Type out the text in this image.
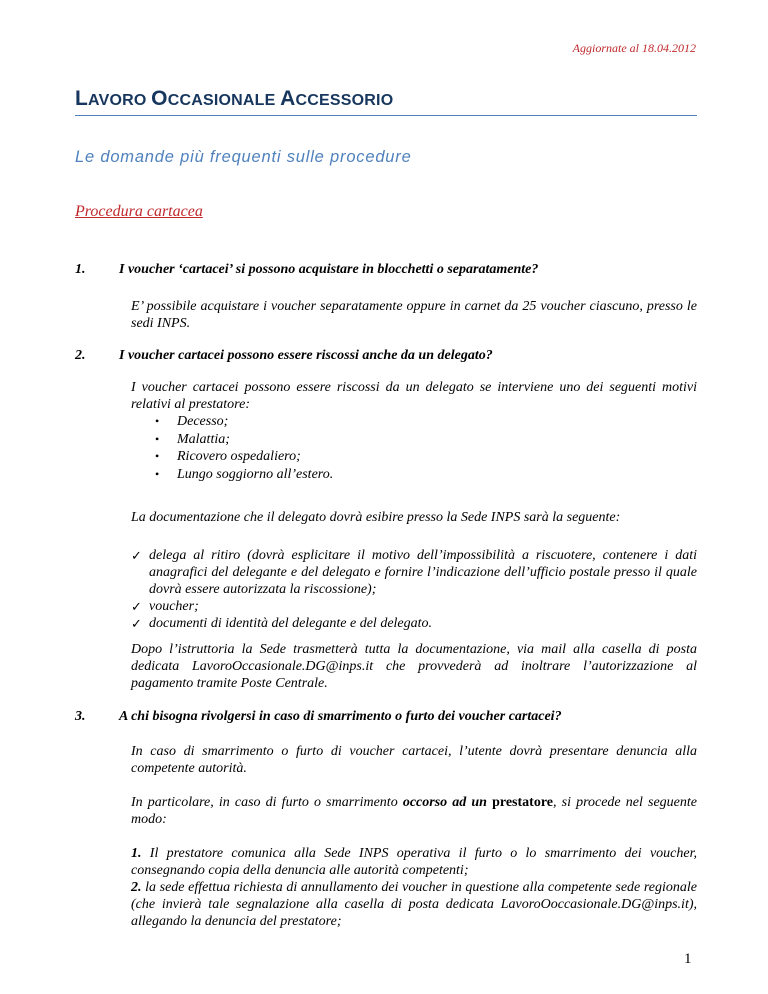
Aggiornate al 18.04.2012
LAVORO OCCASIONALE ACCESSORIO
Le domande più frequenti sulle procedure
Procedura cartacea
1. I voucher ‘cartacei’ si possono acquistare in blocchetti o separatamente?
E’ possibile acquistare i voucher separatamente oppure in carnet da 25 voucher ciascuno, presso le sedi INPS.
2. I voucher cartacei possono essere riscossi anche da un delegato?
I voucher cartacei possono essere riscossi da un delegato se interviene uno dei seguenti motivi relativi al prestatore:
• Decesso;
• Malattia;
• Ricovero ospedaliero;
• Lungo soggiorno all’estero.
La documentazione che il delegato dovrà esibire presso la Sede INPS sarà la seguente:
✓ delega al ritiro (dovrà esplicitare il motivo dell’impossibilità a riscuotere, contenere i dati anagrafici del delegante e del delegato e fornire l’indicazione dell’ufficio postale presso il quale dovrà essere autorizzata la riscossione);
✓ voucher;
✓ documenti di identità del delegante e del delegato.
Dopo l’istruttoria la Sede trasmetterà tutta la documentazione, via mail alla casella di posta dedicata LavoroOccasionale.DG@inps.it che provvederà ad inoltrare l’autorizzazione al pagamento tramite Poste Centrale.
3. A chi bisogna rivolgersi in caso di smarrimento o furto dei voucher cartacei?
In caso di smarrimento o furto di voucher cartacei, l’utente dovrà presentare denuncia alla competente autorità.
In particolare, in caso di furto o smarrimento occorso ad un prestatore, si procede nel seguente modo:
1. Il prestatore comunica alla Sede INPS operativa il furto o lo smarrimento dei voucher, consegnando copia della denuncia alle autorità competenti;
2. la sede effettua richiesta di annullamento dei voucher in questione alla competente sede regionale (che invierà tale segnalazione alla casella di posta dedicata LavoroOoccasionale.DG@inps.it), allegando la denuncia del prestatore;
1
